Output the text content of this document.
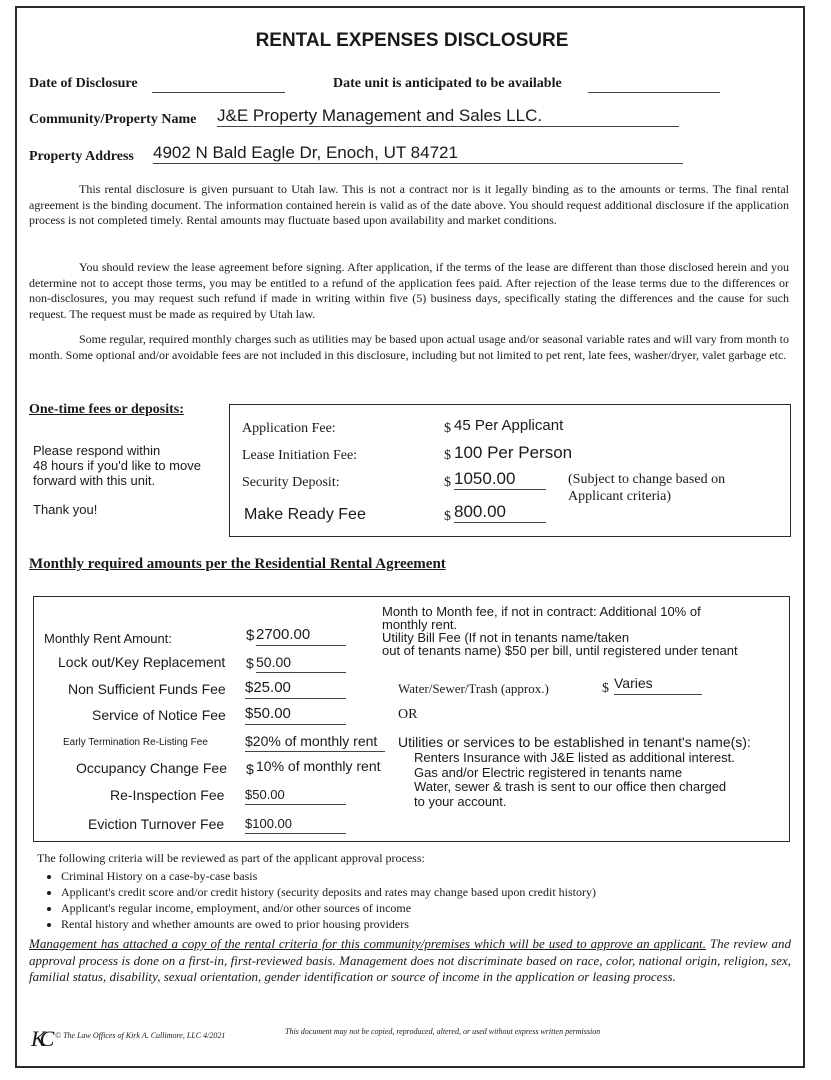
RENTAL EXPENSES DISCLOSURE
Date of Disclosure	Date unit is anticipated to be available
Community/Property Name J&E Property Management and Sales LLC.
Property Address 4902 N Bald Eagle Dr, Enoch, UT 84721
This rental disclosure is given pursuant to Utah law. This is not a contract nor is it legally binding as to the amounts or terms. The final rental agreement is the binding document. The information contained herein is valid as of the date above. You should request additional disclosure if the application process is not completed timely. Rental amounts may fluctuate based upon availability and market conditions.
You should review the lease agreement before signing. After application, if the terms of the lease are different than those disclosed herein and you determine not to accept those terms, you may be entitled to a refund of the application fees paid. After rejection of the lease terms due to the differences or non-disclosures, you may request such refund if made in writing within five (5) business days, specifically stating the differences and the cause for such request. The request must be made as required by Utah law.
Some regular, required monthly charges such as utilities may be based upon actual usage and/or seasonal variable rates and will vary from month to month. Some optional and/or avoidable fees are not included in this disclosure, including but not limited to pet rent, late fees, washer/dryer, valet garbage etc.
One-time fees or deposits:
Please respond within
48 hours if you'd like to move
forward with this unit.
Thank you!
Application Fee:	$ 45 Per Applicant
Lease Initiation Fee:	$ 100 Per Person
Security Deposit:	$ 1050.00	(Subject to change based on
Applicant criteria)
Make Ready Fee	$ 800.00
Monthly required amounts per the Residential Rental Agreement
Monthly Rent Amount:	$ 2700.00
Lock out/Key Replacement $ 50.00
Non Sufficient Funds Fee $25.00
Service of Notice Fee $50.00
Early Termination Re-Listing Fee	$20% of monthly rent
Occupancy Change Fee $ 10% of monthly rent
Re-Inspection Fee $50.00
Eviction Turnover Fee $100.00
Month to Month fee, if not in contract: Additional 10% of
monthly rent.
Utility Bill Fee (If not in tenants name/taken
out of tenants name) $50 per bill, until registered under tenant
Water/Sewer/Trash (approx.)	$ Varies
OR
Utilities or services to be established in tenant's name(s):
Renters Insurance with J&E listed as additional interest.
Gas and/or Electric registered in tenants name
Water, sewer & trash is sent to our office then charged
to your account.
The following criteria will be reviewed as part of the applicant approval process:
• Criminal History on a case-by-case basis
• Applicant's credit score and/or credit history (security deposits and rates may change based upon credit history)
• Applicant's regular income, employment, and/or other sources of income
• Rental history and whether amounts are owed to prior housing providers
Management has attached a copy of the rental criteria for this community/premises which will be used to approve an applicant. The review and approval process is done on a first-in, first-reviewed basis. Management does not discriminate based on race, color, national origin, religion, sex, familial status, disability, sexual orientation, gender identification or source of income in the application or leasing process.
KC © The Law Offices of Kirk A. Cullimore, LLC 4/2021	This document may not be copied, reproduced, altered, or used without express written permission
